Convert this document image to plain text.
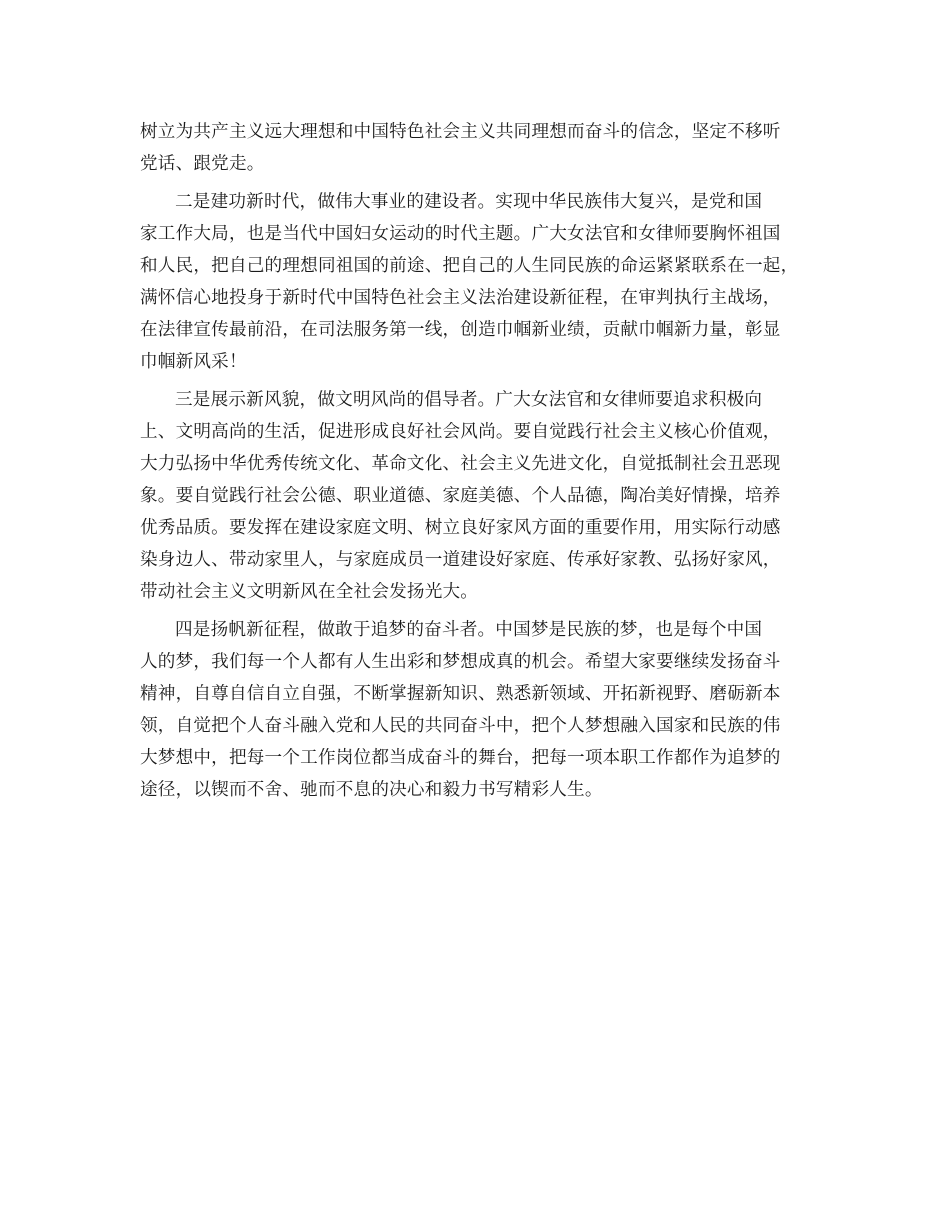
树立为共产主义远大理想和中国特色社会主义共同理想而奋斗的信念，坚定不移听
党话、跟党走。
二是建功新时代，做伟大事业的建设者。实现中华民族伟大复兴，是党和国
家工作大局，也是当代中国妇女运动的时代主题。广大女法官和女律师要胸怀祖国
和人民，把自己的理想同祖国的前途、把自己的人生同民族的命运紧紧联系在一起，
满怀信心地投身于新时代中国特色社会主义法治建设新征程，在审判执行主战场，
在法律宣传最前沿，在司法服务第一线，创造巾帼新业绩，贡献巾帼新力量，彰显
巾帼新风采！
三是展示新风貌，做文明风尚的倡导者。广大女法官和女律师要追求积极向
上、文明高尚的生活，促进形成良好社会风尚。要自觉践行社会主义核心价值观，
大力弘扬中华优秀传统文化、革命文化、社会主义先进文化，自觉抵制社会丑恶现
象。要自觉践行社会公德、职业道德、家庭美德、个人品德，陶冶美好情操，培养
优秀品质。要发挥在建设家庭文明、树立良好家风方面的重要作用，用实际行动感
染身边人、带动家里人，与家庭成员一道建设好家庭、传承好家教、弘扬好家风，
带动社会主义文明新风在全社会发扬光大。
四是扬帆新征程，做敢于追梦的奋斗者。中国梦是民族的梦，也是每个中国
人的梦，我们每一个人都有人生出彩和梦想成真的机会。希望大家要继续发扬奋斗
精神，自尊自信自立自强，不断掌握新知识、熟悉新领域、开拓新视野、磨砺新本
领，自觉把个人奋斗融入党和人民的共同奋斗中，把个人梦想融入国家和民族的伟
大梦想中，把每一个工作岗位都当成奋斗的舞台，把每一项本职工作都作为追梦的
途径，以锲而不舍、驰而不息的决心和毅力书写精彩人生。
